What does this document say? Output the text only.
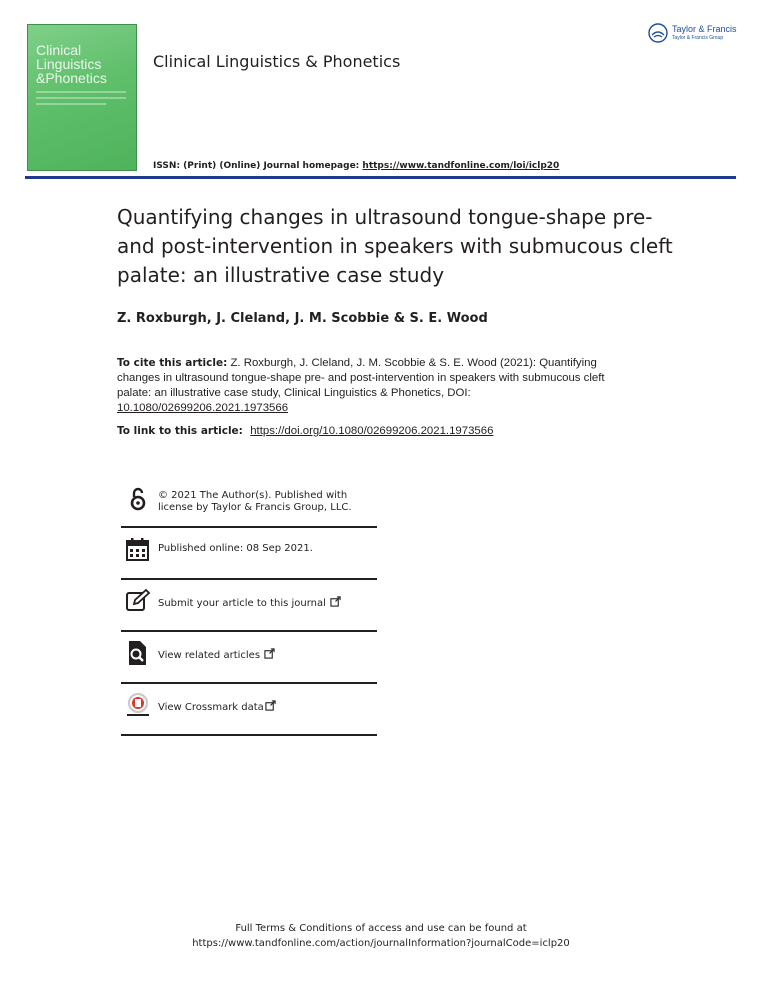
Clinical
Linguistics
&Phonetics
Clinical Linguistics & Phonetics
ISSN: (Print) (Online) Journal homepage: https://www.tandfonline.com/loi/iclp20
Taylor & Francis
Taylor & Francis Group
Quantifying changes in ultrasound tongue-shape pre- and post-intervention in speakers with submucous cleft palate: an illustrative case study
Z. Roxburgh, J. Cleland, J. M. Scobbie & S. E. Wood
To cite this article: Z. Roxburgh, J. Cleland, J. M. Scobbie & S. E. Wood (2021): Quantifying changes in ultrasound tongue-shape pre- and post-intervention in speakers with submucous cleft palate: an illustrative case study, Clinical Linguistics & Phonetics, DOI:
10.1080/02699206.2021.1973566
To link to this article: https://doi.org/10.1080/02699206.2021.1973566
© 2021 The Author(s). Published with
license by Taylor & Francis Group, LLC.
Published online: 08 Sep 2021.
Submit your article to this journal
View related articles
View Crossmark data
Full Terms & Conditions of access and use can be found at
https://www.tandfonline.com/action/journalInformation?journalCode=iclp20
